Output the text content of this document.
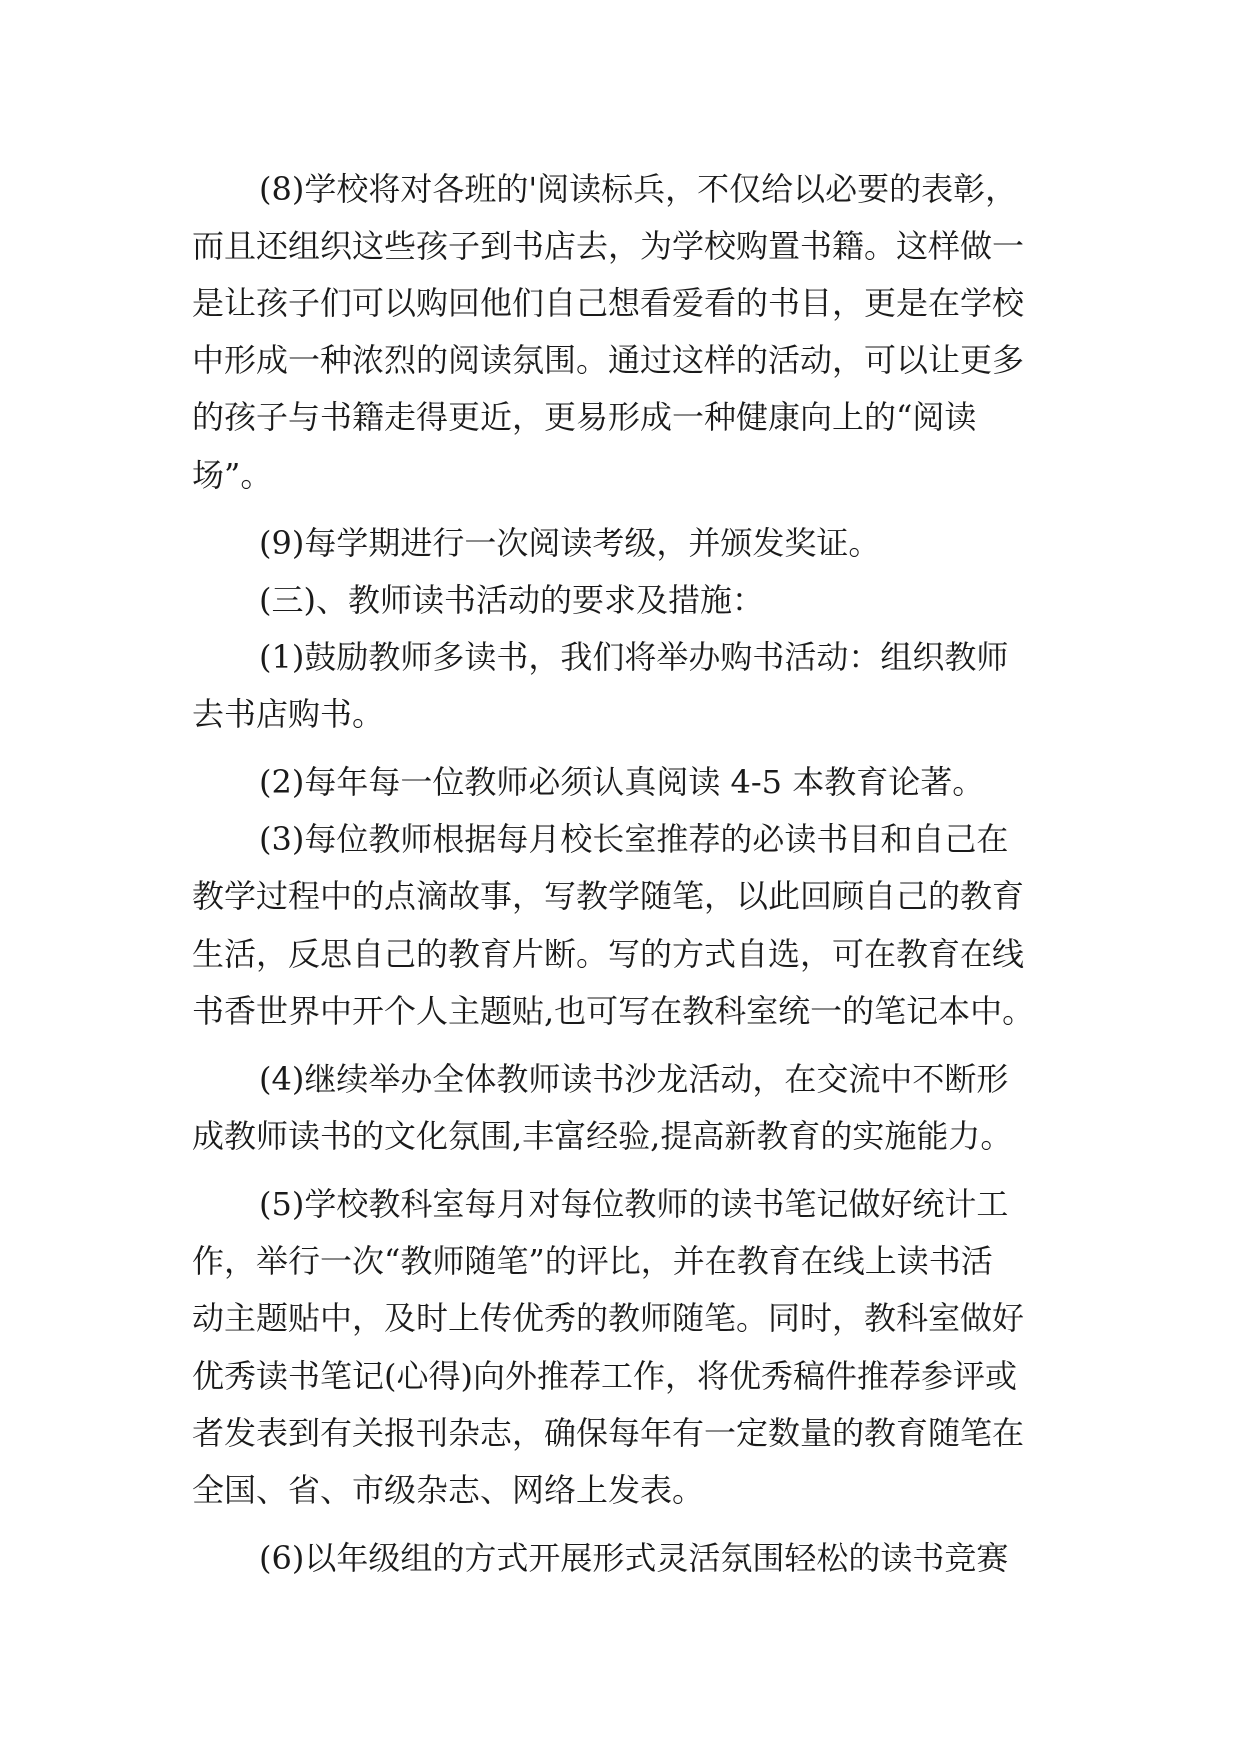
(8)学校将对各班的'阅读标兵，不仅给以必要的表彰，
而且还组织这些孩子到书店去，为学校购置书籍。这样做一
是让孩子们可以购回他们自己想看爱看的书目，更是在学校
中形成一种浓烈的阅读氛围。通过这样的活动，可以让更多
的孩子与书籍走得更近，更易形成一种健康向上的“阅读
场”。
(9)每学期进行一次阅读考级，并颁发奖证。
(三)、教师读书活动的要求及措施：
(1)鼓励教师多读书，我们将举办购书活动：组织教师
去书店购书。
(2)每年每一位教师必须认真阅读 4-5 本教育论著。
(3)每位教师根据每月校长室推荐的必读书目和自己在
教学过程中的点滴故事，写教学随笔，以此回顾自己的教育
生活，反思自己的教育片断。写的方式自选，可在教育在线
书香世界中开个人主题贴,也可写在教科室统一的笔记本中。
(4)继续举办全体教师读书沙龙活动，在交流中不断形
成教师读书的文化氛围,丰富经验,提高新教育的实施能力。
(5)学校教科室每月对每位教师的读书笔记做好统计工
作，举行一次“教师随笔”的评比，并在教育在线上读书活
动主题贴中，及时上传优秀的教师随笔。同时，教科室做好
优秀读书笔记(心得)向外推荐工作，将优秀稿件推荐参评或
者发表到有关报刊杂志，确保每年有一定数量的教育随笔在
全国、省、市级杂志、网络上发表。
(6)以年级组的方式开展形式灵活氛围轻松的读书竞赛
